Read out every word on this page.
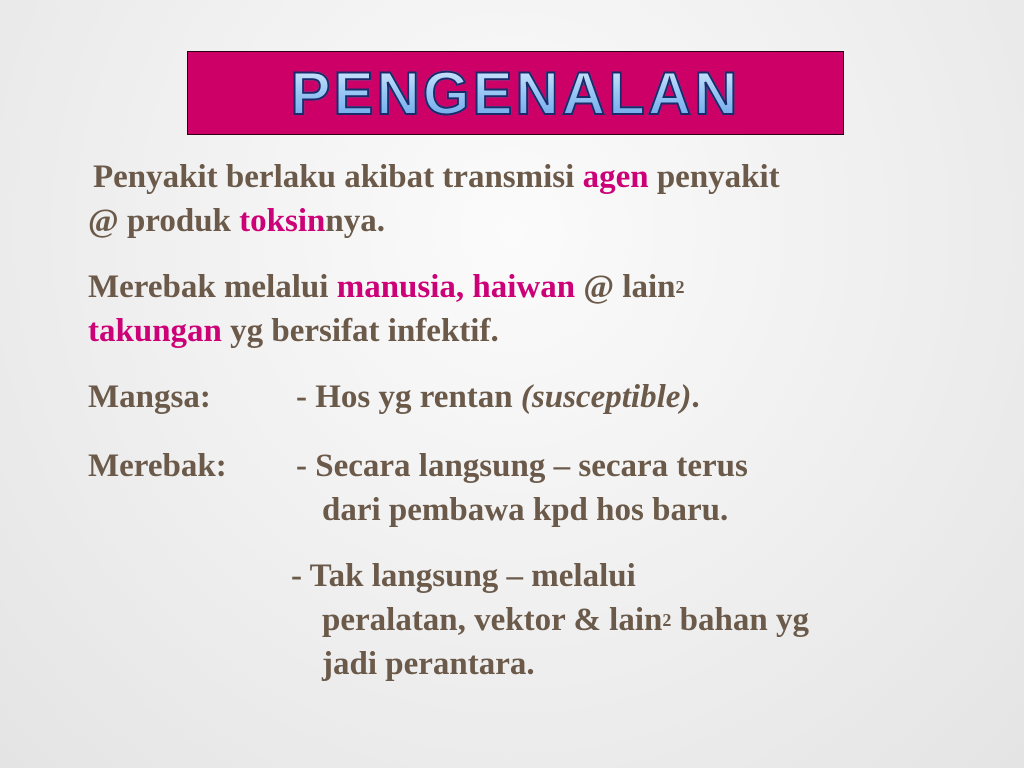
PENGENALAN
Penyakit berlaku akibat transmisi agen penyakit
@ produk toksinnya.
Merebak melalui manusia, haiwan @ lain$^2$
takungan yg bersifat infektif.
Mangsa:	- Hos yg rentan (susceptible).
Merebak: - Secara langsung – secara terus
dari pembawa kpd hos baru.
- Tak langsung – melalui
peralatan, vektor & lain$^2$ bahan yg
jadi perantara.
